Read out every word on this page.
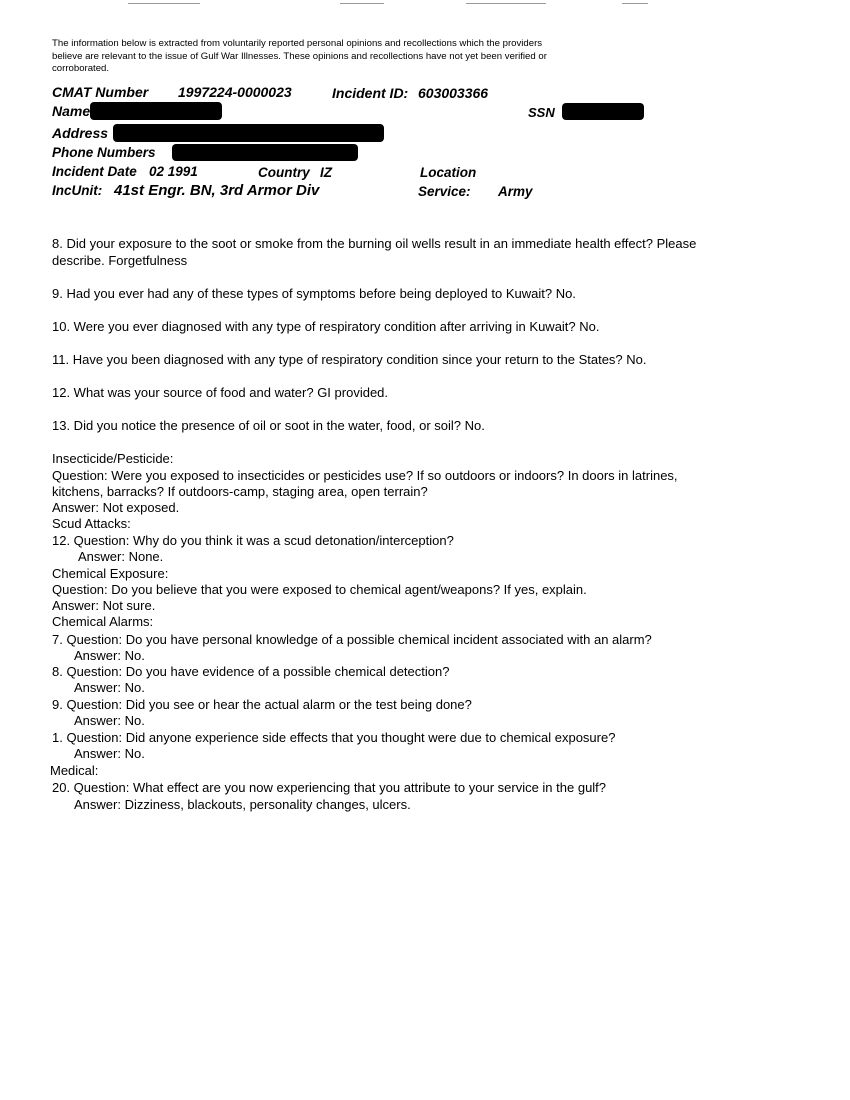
The information below is extracted from voluntarily reported personal opinions and recollections which the providers believe are relevant to the issue of Gulf War Illnesses. These opinions and recollections have not yet been verified or corroborated.
CMAT Number 1997224-0000023	Incident ID: 603003366
Name	SSN
Address
Phone Numbers
Incident Date 02 1991	Country IZ	Location
IncUnit: 41st Engr. BN, 3rd Armor Div	Service: Army
8. Did your exposure to the soot or smoke from the burning oil wells result in an immediate health effect? Please describe. Forgetfulness
9. Had you ever had any of these types of symptoms before being deployed to Kuwait? No.
10. Were you ever diagnosed with any type of respiratory condition after arriving in Kuwait? No.
11. Have you been diagnosed with any type of respiratory condition since your return to the States? No.
12. What was your source of food and water? GI provided.
13. Did you notice the presence of oil or soot in the water, food, or soil? No.
Insecticide/Pesticide:
Question: Were you exposed to insecticides or pesticides use? If so outdoors or indoors? In doors in latrines,
kitchens, barracks? If outdoors-camp, staging area, open terrain?
Answer: Not exposed.
Scud Attacks:
12. Question: Why do you think it was a scud detonation/interception?
Answer: None.
Chemical Exposure:
Question: Do you believe that you were exposed to chemical agent/weapons? If yes, explain.
Answer: Not sure.
Chemical Alarms:
7. Question: Do you have personal knowledge of a possible chemical incident associated with an alarm?
Answer: No.
8. Question: Do you have evidence of a possible chemical detection?
Answer: No.
9. Question: Did you see or hear the actual alarm or the test being done?
Answer: No.
1. Question: Did anyone experience side effects that you thought were due to chemical exposure?
Answer: No.
Medical:
20. Question: What effect are you now experiencing that you attribute to your service in the gulf?
Answer: Dizziness, blackouts, personality changes, ulcers.
